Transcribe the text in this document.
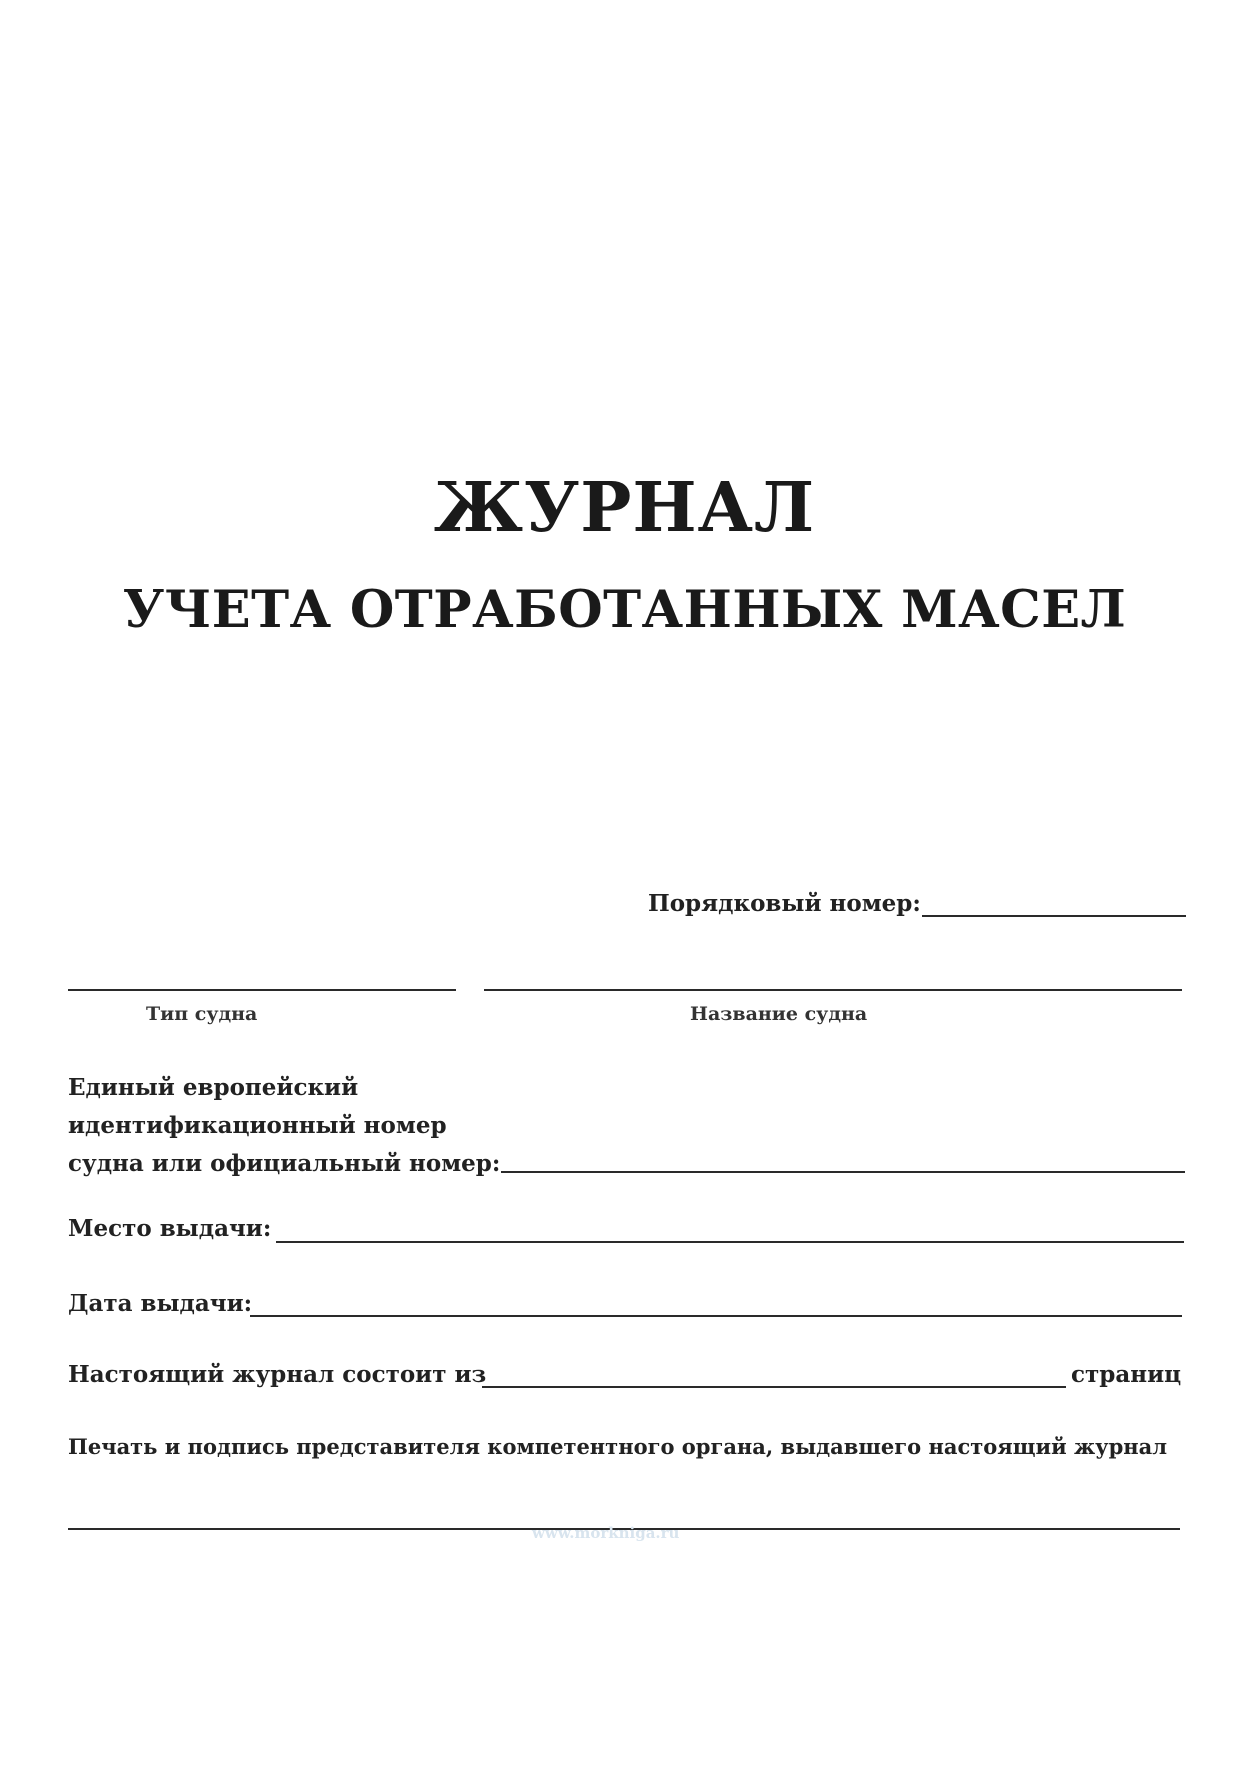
ЖУРНАЛ
УЧЕТА ОТРАБОТАННЫХ МАСЕЛ
Порядковый номер:
Тип судна	Название судна
Единый европейский
идентификационный номер
судна или официальный номер:
Место выдачи:
Дата выдачи:
Настоящий журнал состоит из	страниц
Печать и подпись представителя компетентного органа, выдавшего настоящий журнал
www.morkniga.ru
